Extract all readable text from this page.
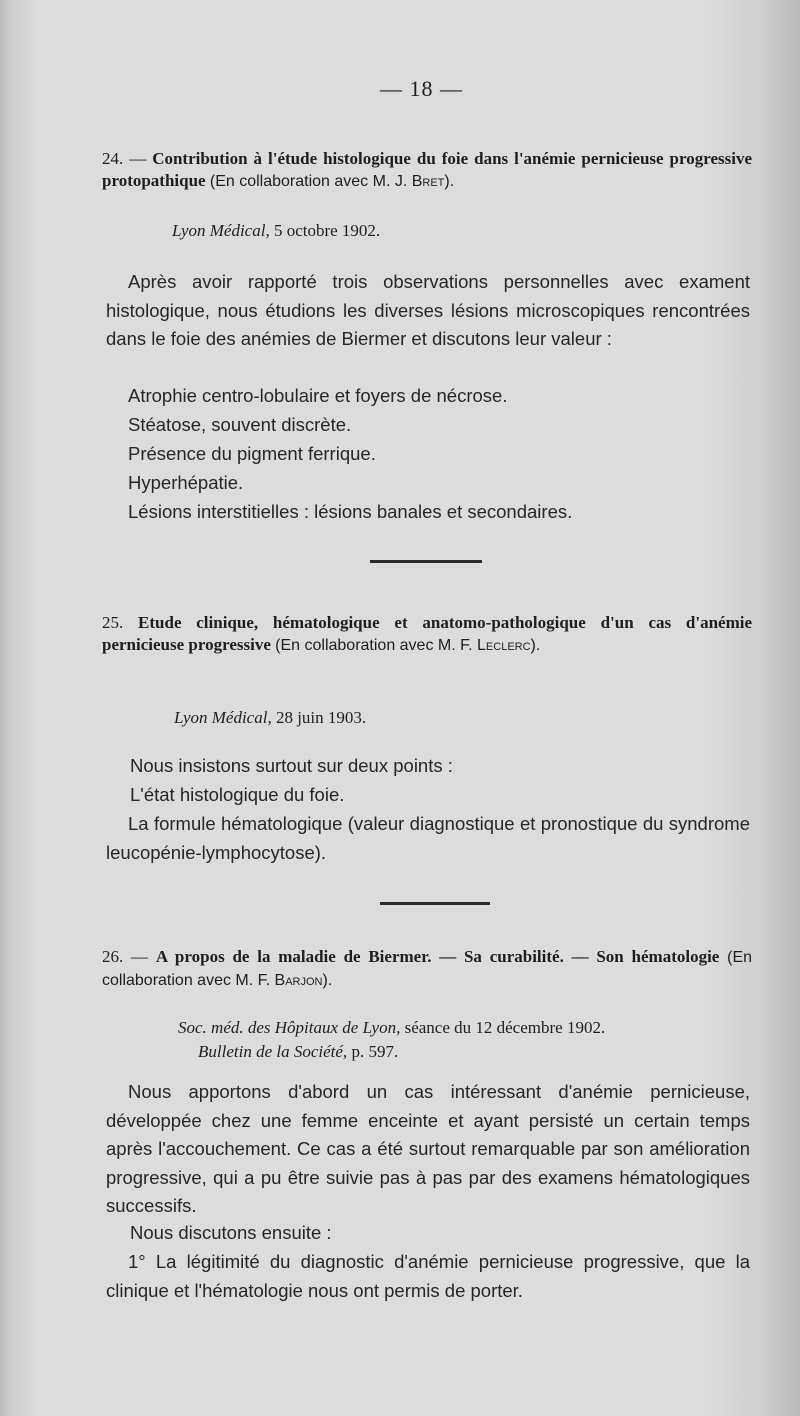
— 18 —
24. — Contribution à l'étude histologique du foie dans l'anémie pernicieuse progressive protopathique (En collaboration avec M. J. Bret).
Lyon Médical, 5 octobre 1902.
Après avoir rapporté trois observations personnelles avec exament histologique, nous étudions les diverses lésions microscopiques rencontrées dans le foie des anémies de Biermer et discutons leur valeur :
Atrophie centro-lobulaire et foyers de nécrose.
Stéatose, souvent discrète.
Présence du pigment ferrique.
Hyperhépatie.
Lésions interstitielles : lésions banales et secondaires.
25. Etude clinique, hématologique et anatomo-pathologique d'un cas d'anémie pernicieuse progressive (En collaboration avec M. F. Leclerc).
Lyon Médical, 28 juin 1903.
Nous insistons surtout sur deux points :
L'état histologique du foie.
La formule hématologique (valeur diagnostique et pronostique du syndrome leucopénie-lymphocytose).
26. — A propos de la maladie de Biermer. — Sa curabilité. — Son hématologie (En collaboration avec M. F. Barjon).
Soc. méd. des Hôpitaux de Lyon, séance du 12 décembre 1902.
Bulletin de la Société, p. 597.
Nous apportons d'abord un cas intéressant d'anémie pernicieuse, développée chez une femme enceinte et ayant persisté un certain temps après l'accouchement. Ce cas a été surtout remarquable par son amélioration progressive, qui a pu être suivie pas à pas par des examens hématologiques successifs.
Nous discutons ensuite :
1° La légitimité du diagnostic d'anémie pernicieuse progressive, que la clinique et l'hématologie nous ont permis de porter.
